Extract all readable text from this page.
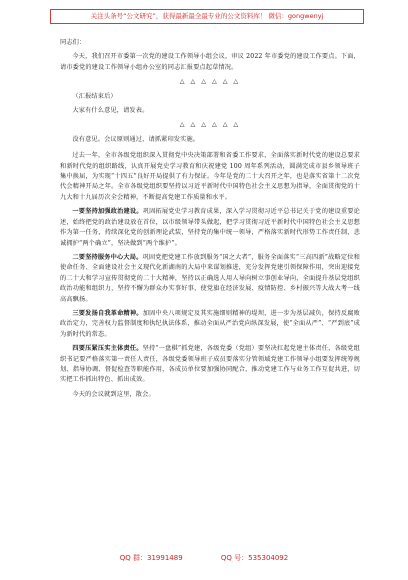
关注头条号“公文研究”，获得最新最全最专业的公文资料库！ 微信：gongwenyj

同志们：

今天，我们召开市委第一次党的建设工作领导小组会议，审议 2022 年市委党的建设工作要点。下面，请市委党的建设工作领导小组办公室的同志汇报要点起草情况。

△ △ △ △ △ △

（汇报结束后）

大家有什么意见，请发表。

△ △ △ △ △ △

没有意见。会议原则通过，请抓紧印发实施。

过去一年，全市各级党组织深入贯彻党中央决策部署和省委工作要求，全面落实新时代党的建设总要求和新时代党的组织路线，认真开展党史学习教育和庆祝建党 100 周年系列活动，圆满完成市县乡领导班子集中换届，为实现“十四五”良好开局提供了有力保证。今年是党的二十大召开之年，也是落实省第十二次党代会精神开局之年。全市各级党组织要坚持以习近平新时代中国特色社会主义思想为指导，全面贯彻党的十九大和十九届历次全会精神，不断提高党建工作质量和水平。

一要坚持加强政治建设。巩固拓展党史学习教育成果，深入学习贯彻习近平总书记关于党的建设重要论述，始终把党的政治建设放在首位，以市级领导带头做起，把学习贯彻习近平新时代中国特色社会主义思想作为第一任务，持续深化党的创新理论武装，坚持党的集中统一领导，严格落实新时代形势工作责任制，悲诚拥护“两个确立”，坚决做到“两个维护”。

二要坚持服务中心大局。巩固党把党建工作放到服务“国之大者”，服务全面落实“三高四新”战略定位和使命任务、全面建设社会主义现代化新湖南的大局中来谋划推进，充分发挥党建引领保障作用，突出迎接党的二十大和学习宣传贯彻党的二十大精神，坚持以正确选人用人导向树立事创业导向，全面提升基层党组织政治功能和组织力，坚持不懈为群众办实事好事，使党旗在经济发展、疫情防控、乡村振兴等大战大考一线高高飘扬。

三要发扬自我革命精神。加固中央八项规定及其实施细则精神的堤坝，进一步为基层减负，保持反腐败政治定力，完善权力监督制度和执纪执法体系，推动全面从严治党向纵深发展，使“全面从严”、“严到底”成为新时代的常态。

四要压紧压实主体责任。坚持“一盘棋”抓党建，各级党委（党组）要坚决扛起党建主体责任，各级党组织书记要严格落实第一责任人责任，各级党委领导班子成员要落实分管领域党建工作领导小组要发挥统筹规划、指导协调、督促检查等职能作用，各成员单位要加强协同配合，推动党建工作与业务工作互促共进，切实把工作抓出特色、抓出成效。

今天的会议就到这里，散会。

QQ 群：31991489	QQ 号：535304092
